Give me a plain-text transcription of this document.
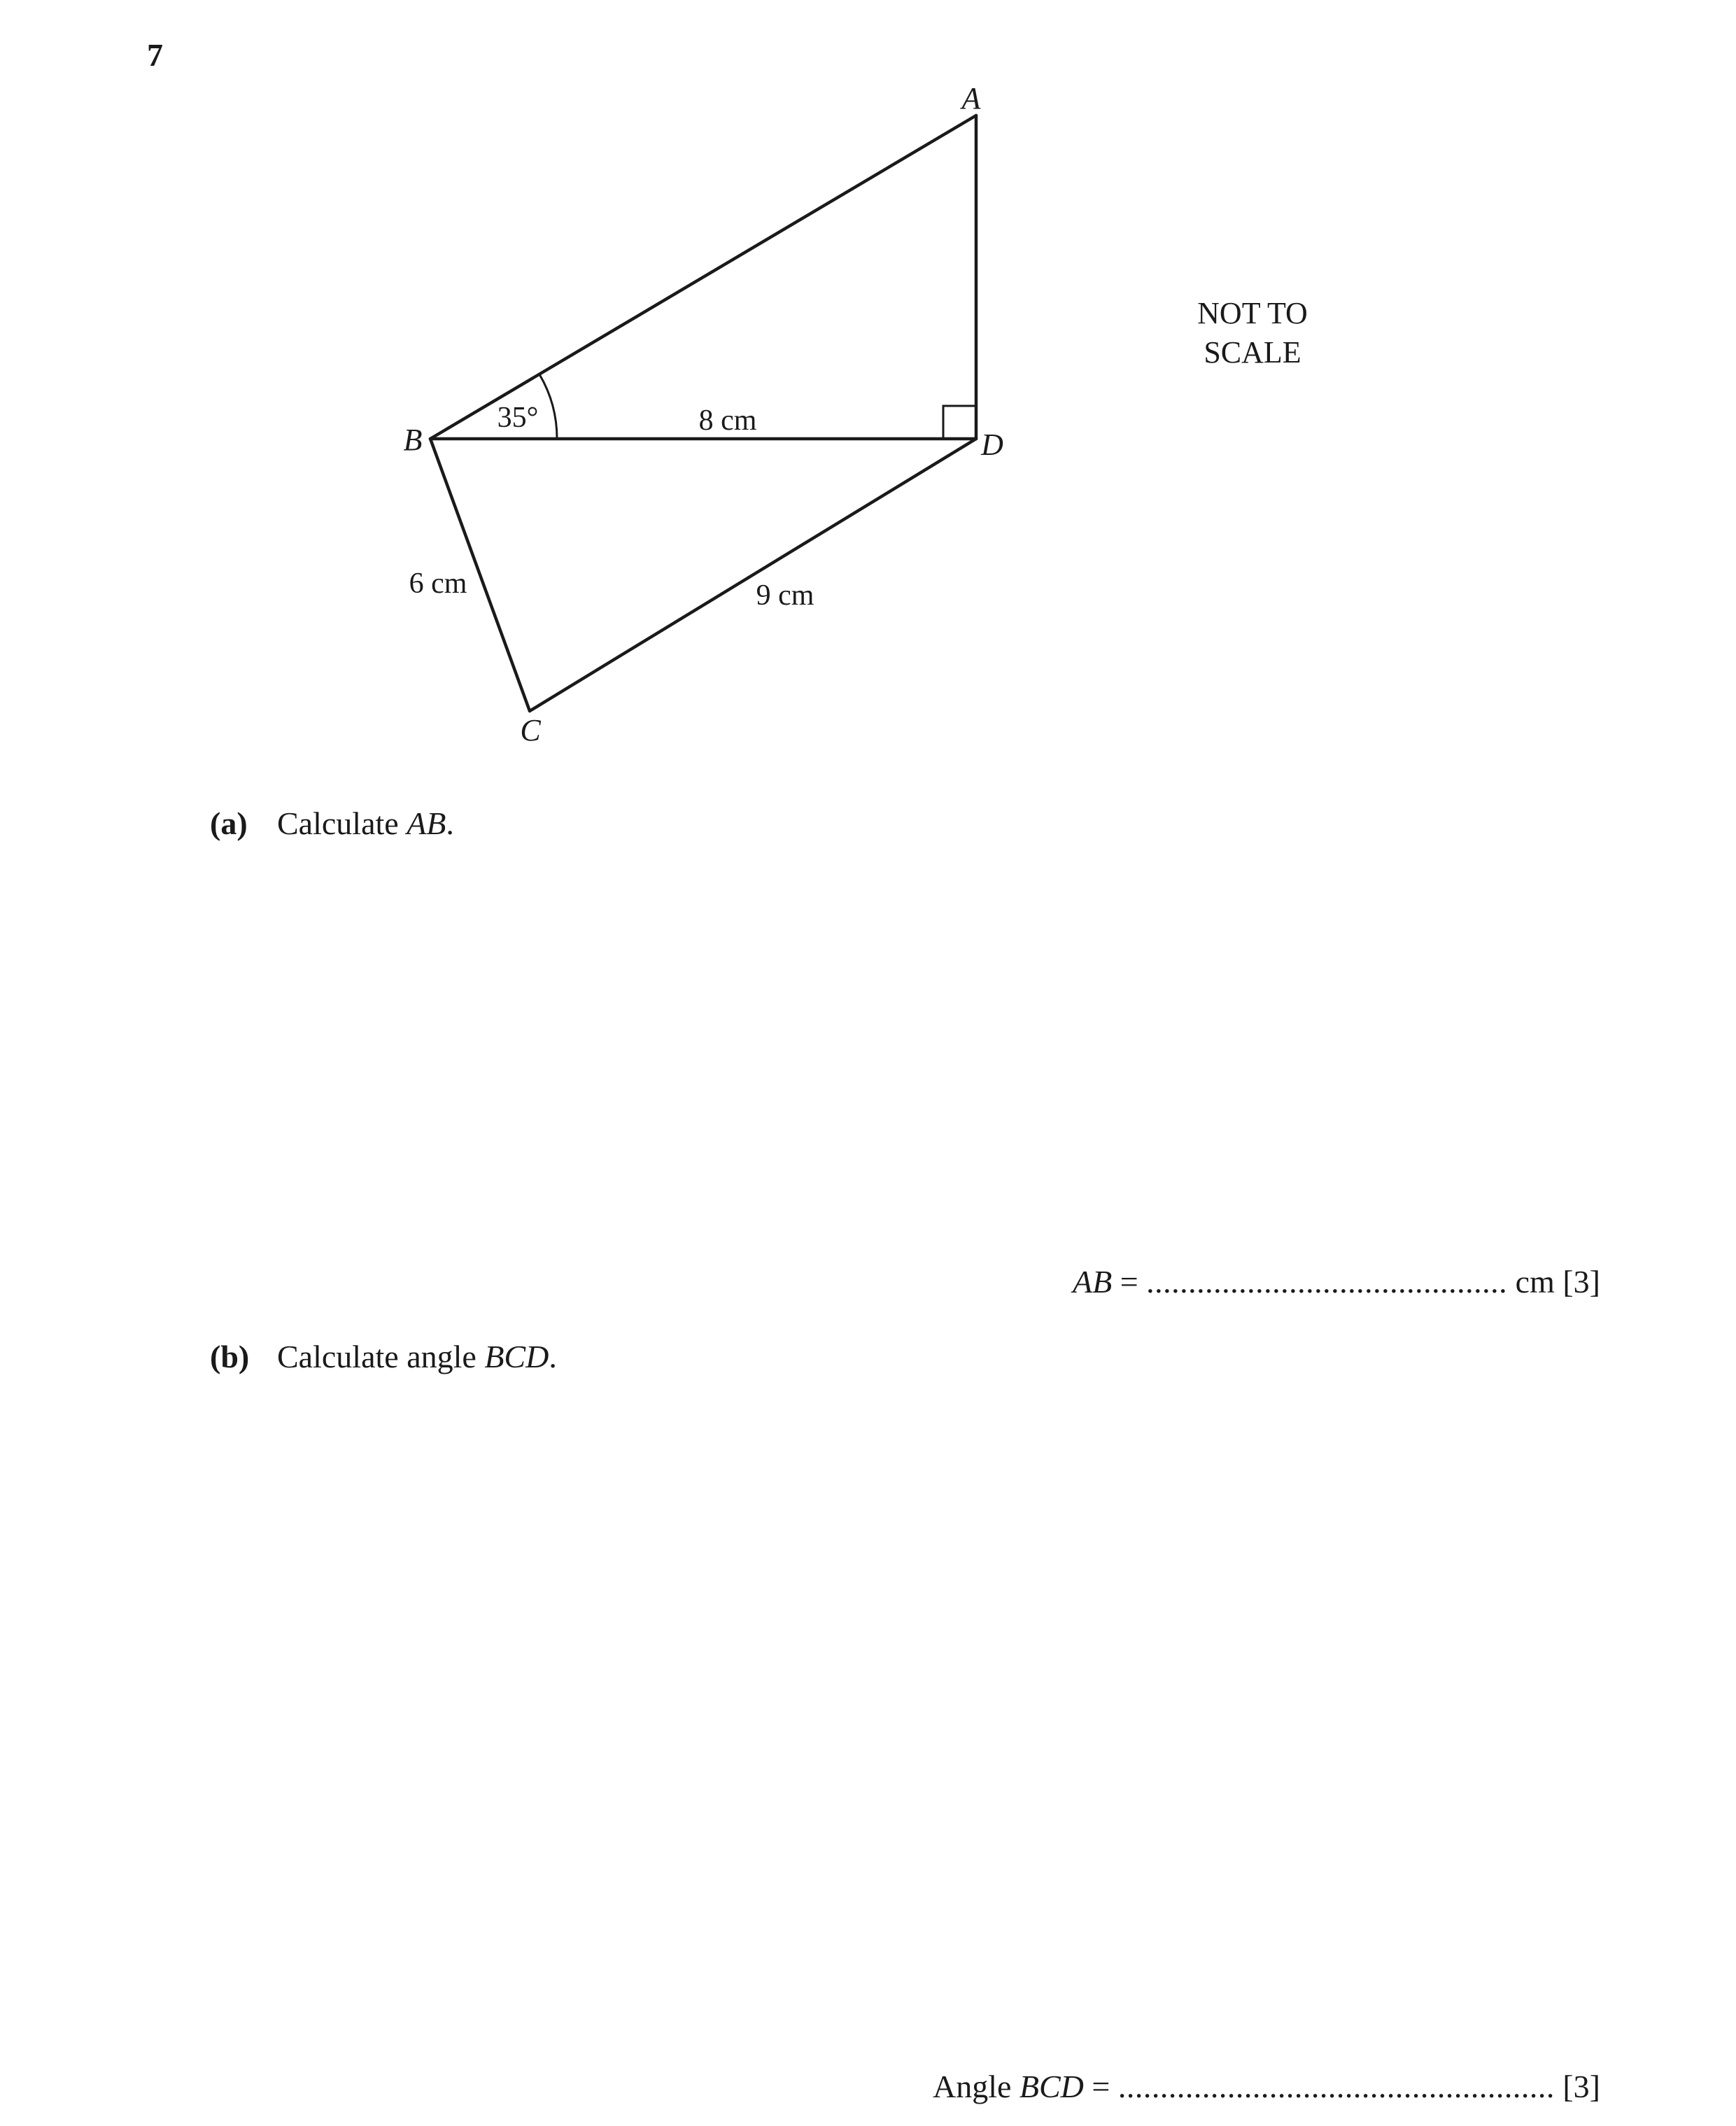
7
A
B
C
D
35°	8 cm
6 cm	9 cm
NOT TO
SCALE
(a) Calculate AB.
AB = ........................................... cm [3]
(b) Calculate angle BCD.
Angle BCD = .................................................... [3]
